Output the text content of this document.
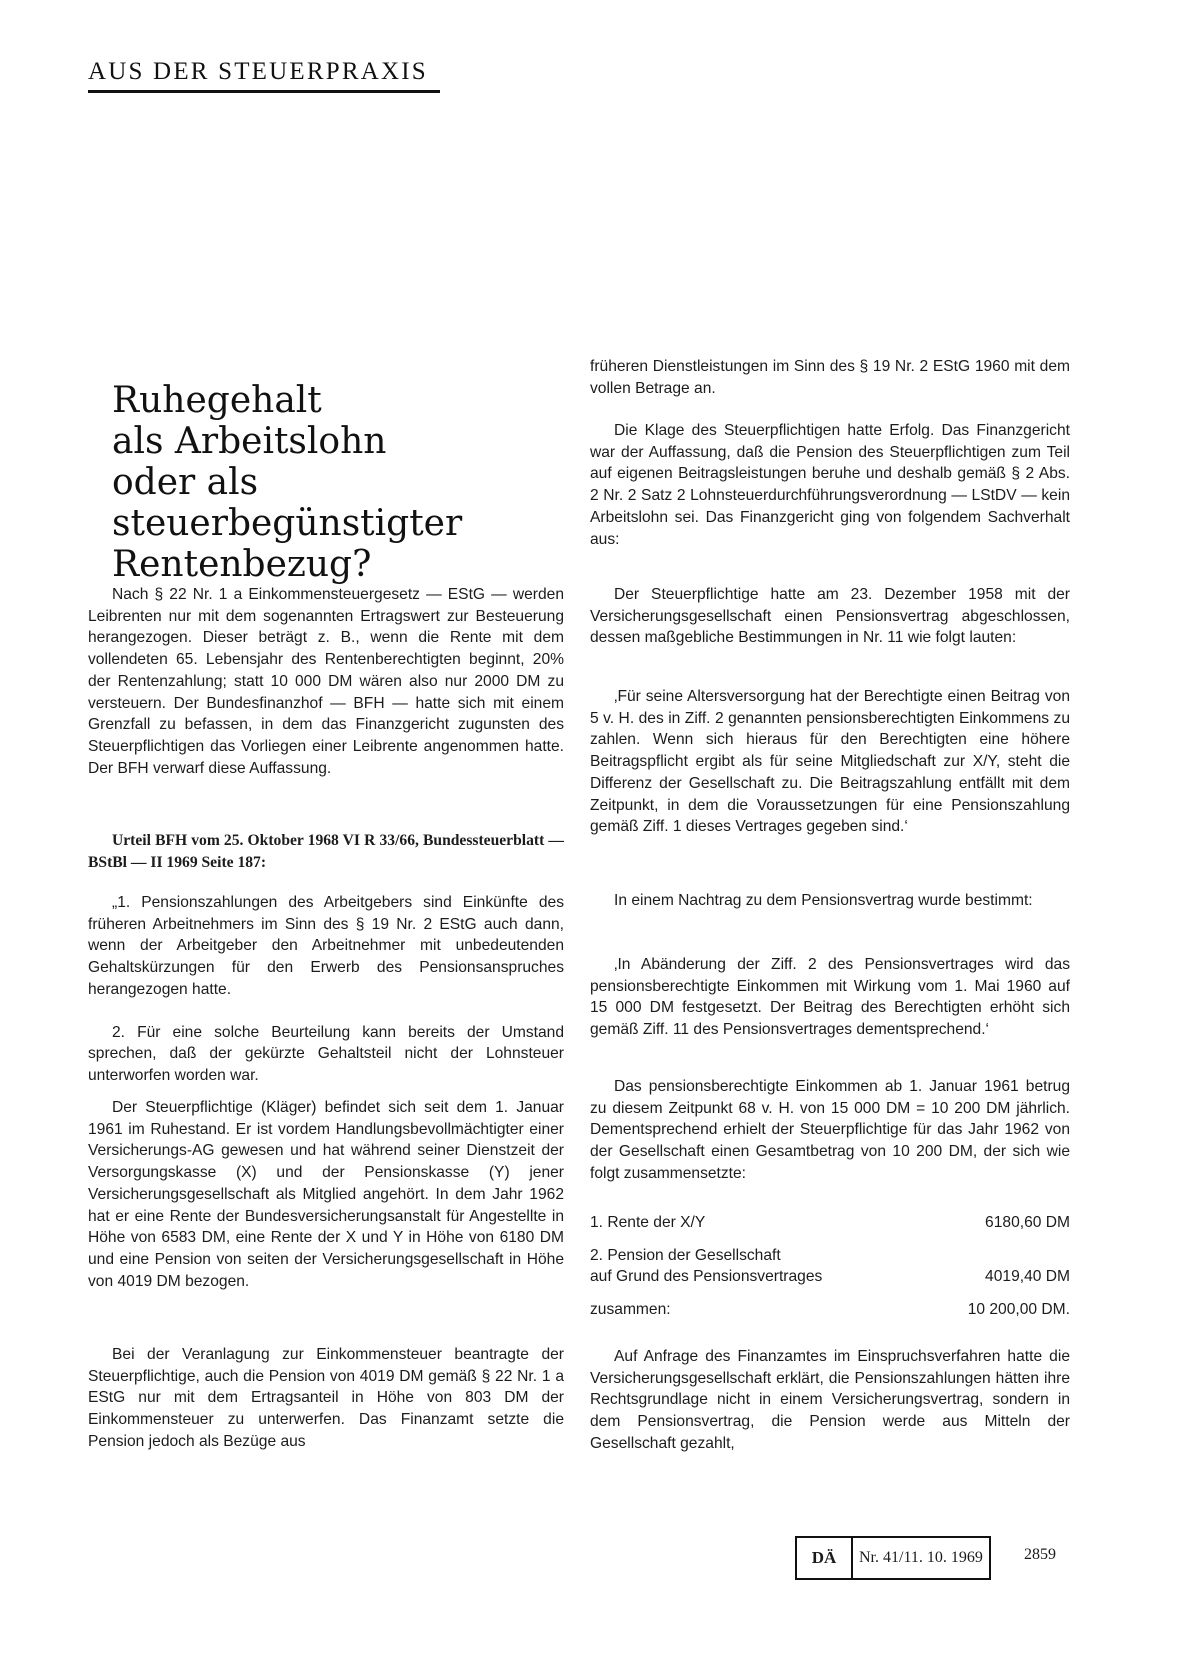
AUS DER STEUERPRAXIS
Ruhegehalt
als Arbeitslohn
oder als
steuerbegünstigter
Rentenbezug?

Nach § 22 Nr. 1 a Einkommensteuergesetz — EStG — werden Leibrenten nur mit dem sogenannten Ertragswert zur Besteuerung herangezogen. Dieser beträgt z. B., wenn die Rente mit dem vollendeten 65. Lebensjahr des Rentenberechtigten beginnt, 20% der Rentenzahlung; statt 10 000 DM wären also nur 2000 DM zu versteuern. Der Bundesfinanzhof — BFH — hatte sich mit einem Grenzfall zu befassen, in dem das Finanzgericht zugunsten des Steuerpflichtigen das Vorliegen einer Leibrente angenommen hatte. Der BFH verwarf diese Auffassung.

Urteil BFH vom 25. Oktober 1968 VI R 33/66, Bundessteuerblatt — BStBl — II 1969 Seite 187:

„1. Pensionszahlungen des Arbeitgebers sind Einkünfte des früheren Arbeitnehmers im Sinn des § 19 Nr. 2 EStG auch dann, wenn der Arbeitgeber den Arbeitnehmer mit unbedeutenden Gehaltskürzungen für den Erwerb des Pensionsanspruches herangezogen hatte.

2. Für eine solche Beurteilung kann bereits der Umstand sprechen, daß der gekürzte Gehaltsteil nicht der Lohnsteuer unterworfen worden war.

Der Steuerpflichtige (Kläger) befindet sich seit dem 1. Januar 1961 im Ruhestand. Er ist vordem Handlungsbevollmächtigter einer Versicherungs-AG gewesen und hat während seiner Dienstzeit der Versorgungskasse (X) und der Pensionskasse (Y) jener Versicherungsgesellschaft als Mitglied angehört. In dem Jahr 1962 hat er eine Rente der Bundesversicherungsanstalt für Angestellte in Höhe von 6583 DM, eine Rente der X und Y in Höhe von 6180 DM und eine Pension von seiten der Versicherungsgesellschaft in Höhe von 4019 DM bezogen.

Bei der Veranlagung zur Einkommensteuer beantragte der Steuerpflichtige, auch die Pension von 4019 DM gemäß § 22 Nr. 1 a EStG nur mit dem Ertragsanteil in Höhe von 803 DM der Einkommensteuer zu unterwerfen. Das Finanzamt setzte die Pension jedoch als Bezüge aus

früheren Dienstleistungen im Sinn des § 19 Nr. 2 EStG 1960 mit dem vollen Betrage an.

Die Klage des Steuerpflichtigen hatte Erfolg. Das Finanzgericht war der Auffassung, daß die Pension des Steuerpflichtigen zum Teil auf eigenen Beitragsleistungen beruhe und deshalb gemäß § 2 Abs. 2 Nr. 2 Satz 2 Lohnsteuerdurchführungsverordnung — LStDV — kein Arbeitslohn sei. Das Finanzgericht ging von folgendem Sachverhalt aus:

Der Steuerpflichtige hatte am 23. Dezember 1958 mit der Versicherungsgesellschaft einen Pensionsvertrag abgeschlossen, dessen maßgebliche Bestimmungen in Nr. 11 wie folgt lauten:

‚Für seine Altersversorgung hat der Berechtigte einen Beitrag von 5 v. H. des in Ziff. 2 genannten pensionsberechtigten Einkommens zu zahlen. Wenn sich hieraus für den Berechtigten eine höhere Beitragspflicht ergibt als für seine Mitgliedschaft zur X/Y, steht die Differenz der Gesellschaft zu. Die Beitragszahlung entfällt mit dem Zeitpunkt, in dem die Voraussetzungen für eine Pensionszahlung gemäß Ziff. 1 dieses Vertrages gegeben sind.‘

In einem Nachtrag zu dem Pensionsvertrag wurde bestimmt:

‚In Abänderung der Ziff. 2 des Pensionsvertrages wird das pensionsberechtigte Einkommen mit Wirkung vom 1. Mai 1960 auf 15 000 DM festgesetzt. Der Beitrag des Berechtigten erhöht sich gemäß Ziff. 11 des Pensionsvertrages dementsprechend.‘

Das pensionsberechtigte Einkommen ab 1. Januar 1961 betrug zu diesem Zeitpunkt 68 v. H. von 15 000 DM = 10 200 DM jährlich. Dementsprechend erhielt der Steuerpflichtige für das Jahr 1962 von der Gesellschaft einen Gesamtbetrag von 10 200 DM, der sich wie folgt zusammensetzte:

1. Rente der X/Y	6180,60 DM
2. Pension der Gesellschaft
auf Grund des Pensionsvertrages	4019,40 DM
zusammen:	10 200,00 DM.

Auf Anfrage des Finanzamtes im Einspruchsverfahren hatte die Versicherungsgesellschaft erklärt, die Pensionszahlungen hätten ihre Rechtsgrundlage nicht in einem Versicherungsvertrag, sondern in dem Pensionsvertrag, die Pension werde aus Mitteln der Gesellschaft gezahlt,

DÄ	Nr. 41/11. 10. 1969	2859
